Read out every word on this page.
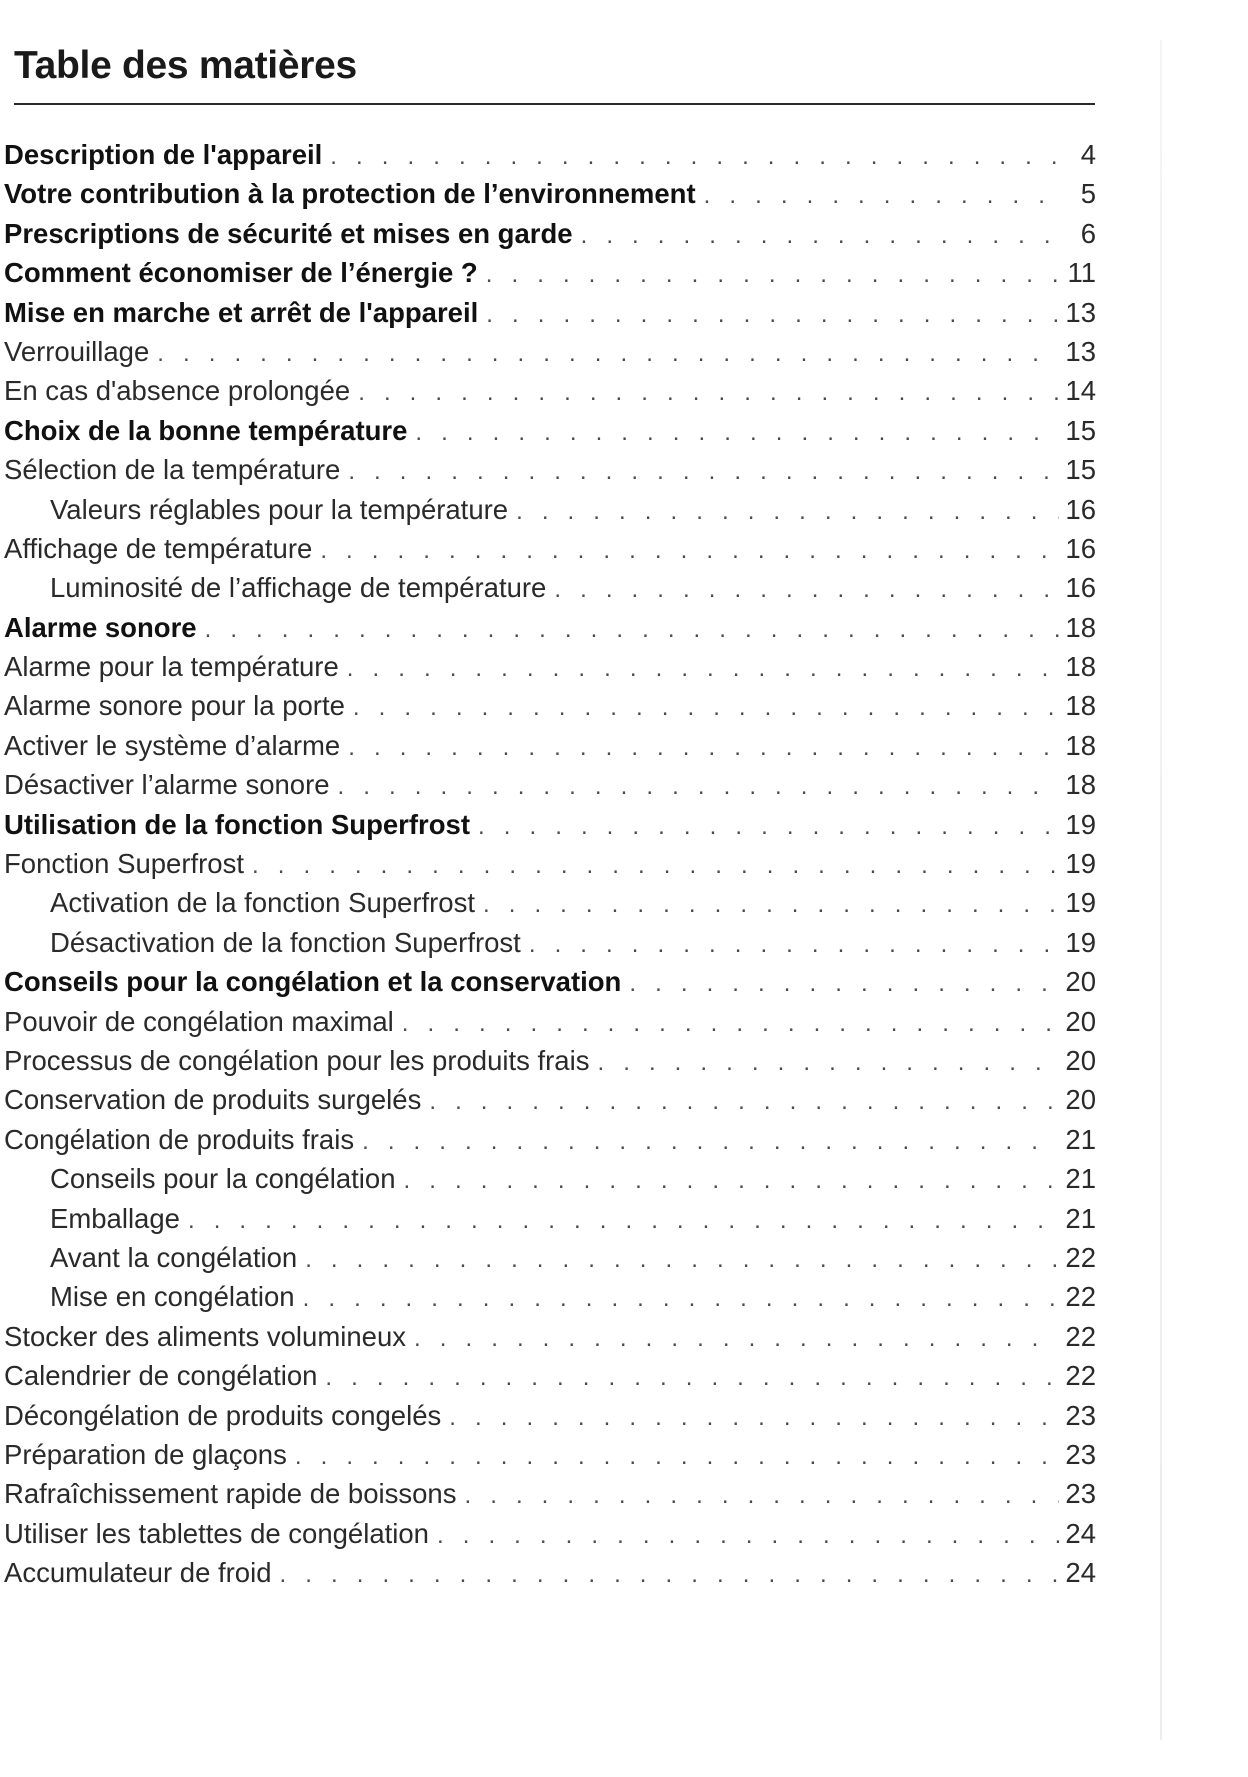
Table des matières
Description de l'appareil . . .	4
Votre contribution à la protection de l’environnement . . .	5
Prescriptions de sécurité et mises en garde . . .	6
Comment économiser de l’énergie ? . . .	11
Mise en marche et arrêt de l'appareil . . .	13
Verrouillage . . .	13
En cas d'absence prolongée . . .	14
Choix de la bonne température . . .	15
Sélection de la température . . .	15
Valeurs réglables pour la température . . .	16
Affichage de température . . .	16
Luminosité de l’affichage de température . . .	16
Alarme sonore . . .	18
Alarme pour la température . . .	18
Alarme sonore pour la porte . . .	18
Activer le système d’alarme . . .	18
Désactiver l’alarme sonore . . .	18
Utilisation de la fonction Superfrost . . .	19
Fonction Superfrost . . .	19
Activation de la fonction Superfrost . . .	19
Désactivation de la fonction Superfrost . . .	19
Conseils pour la congélation et la conservation . . .	20
Pouvoir de congélation maximal . . .	20
Processus de congélation pour les produits frais . . .	20
Conservation de produits surgelés . . .	20
Congélation de produits frais . . .	21
Conseils pour la congélation . . .	21
Emballage . . .	21
Avant la congélation . . .	22
Mise en congélation . . .	22
Stocker des aliments volumineux . . .	22
Calendrier de congélation . . .	22
Décongélation de produits congelés . . .	23
Préparation de glaçons . . .	23
Rafraîchissement rapide de boissons . . .	23
Utiliser les tablettes de congélation . . .	24
Accumulateur de froid . . .	24
